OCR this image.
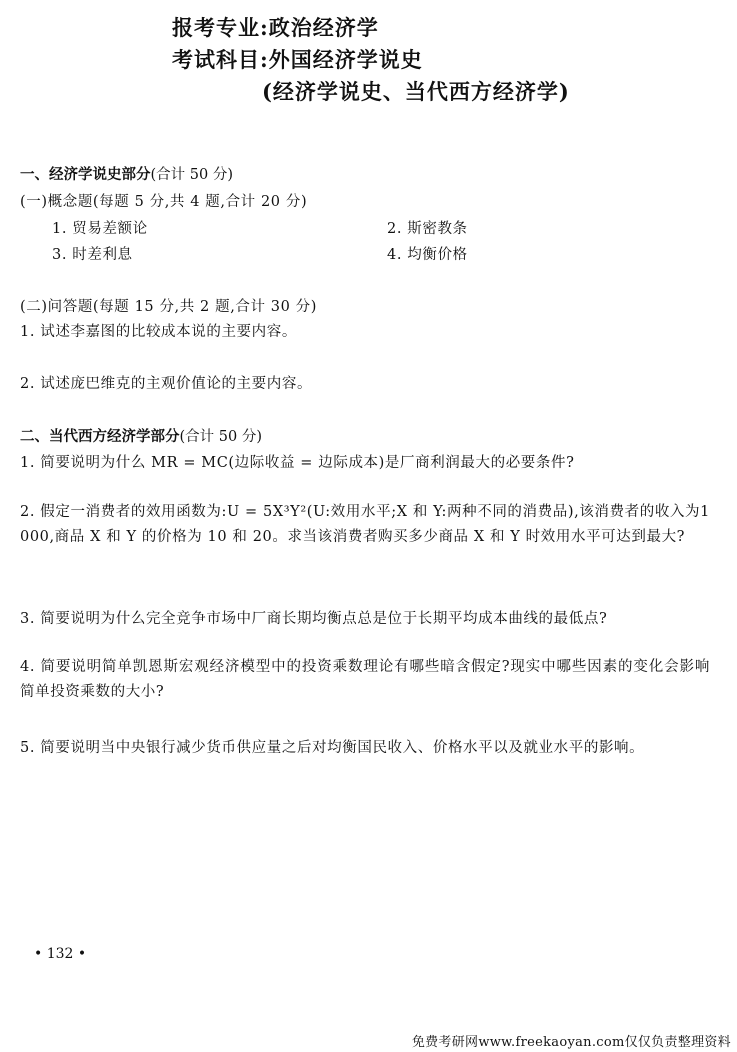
报考专业:政治经济学
考试科目:外国经济学说史
(经济学说史、当代西方经济学)
一、经济学说史部分(合计 50 分)
(一)概念题(每题 5 分,共 4 题,合计 20 分)
1. 贸易差额论	2. 斯密教条
3. 时差利息	4. 均衡价格
(二)问答题(每题 15 分,共 2 题,合计 30 分)
1. 试述李嘉图的比较成本说的主要内容。
2. 试述庞巴维克的主观价值论的主要内容。
二、当代西方经济学部分(合计 50 分)
1. 简要说明为什么 MR = MC(边际收益 = 边际成本)是厂商利润最大的必要条件?
2. 假定一消费者的效用函数为:U = 5X³Y²(U:效用水平;X 和 Y:两种不同的消费品),该消费者的收入为1 000,商品 X 和 Y 的价格为 10 和 20。求当该消费者购买多少商品 X 和 Y 时效用水平可达到最大?
3. 简要说明为什么完全竞争市场中厂商长期均衡点总是位于长期平均成本曲线的最低点?
4. 简要说明简单凯恩斯宏观经济模型中的投资乘数理论有哪些暗含假定?现实中哪些因素的变化会影响简单投资乘数的大小?
5. 简要说明当中央银行减少货币供应量之后对均衡国民收入、价格水平以及就业水平的影响。
• 132 •
免费考研网www.freekaoyan.com仅仅负责整理资料
